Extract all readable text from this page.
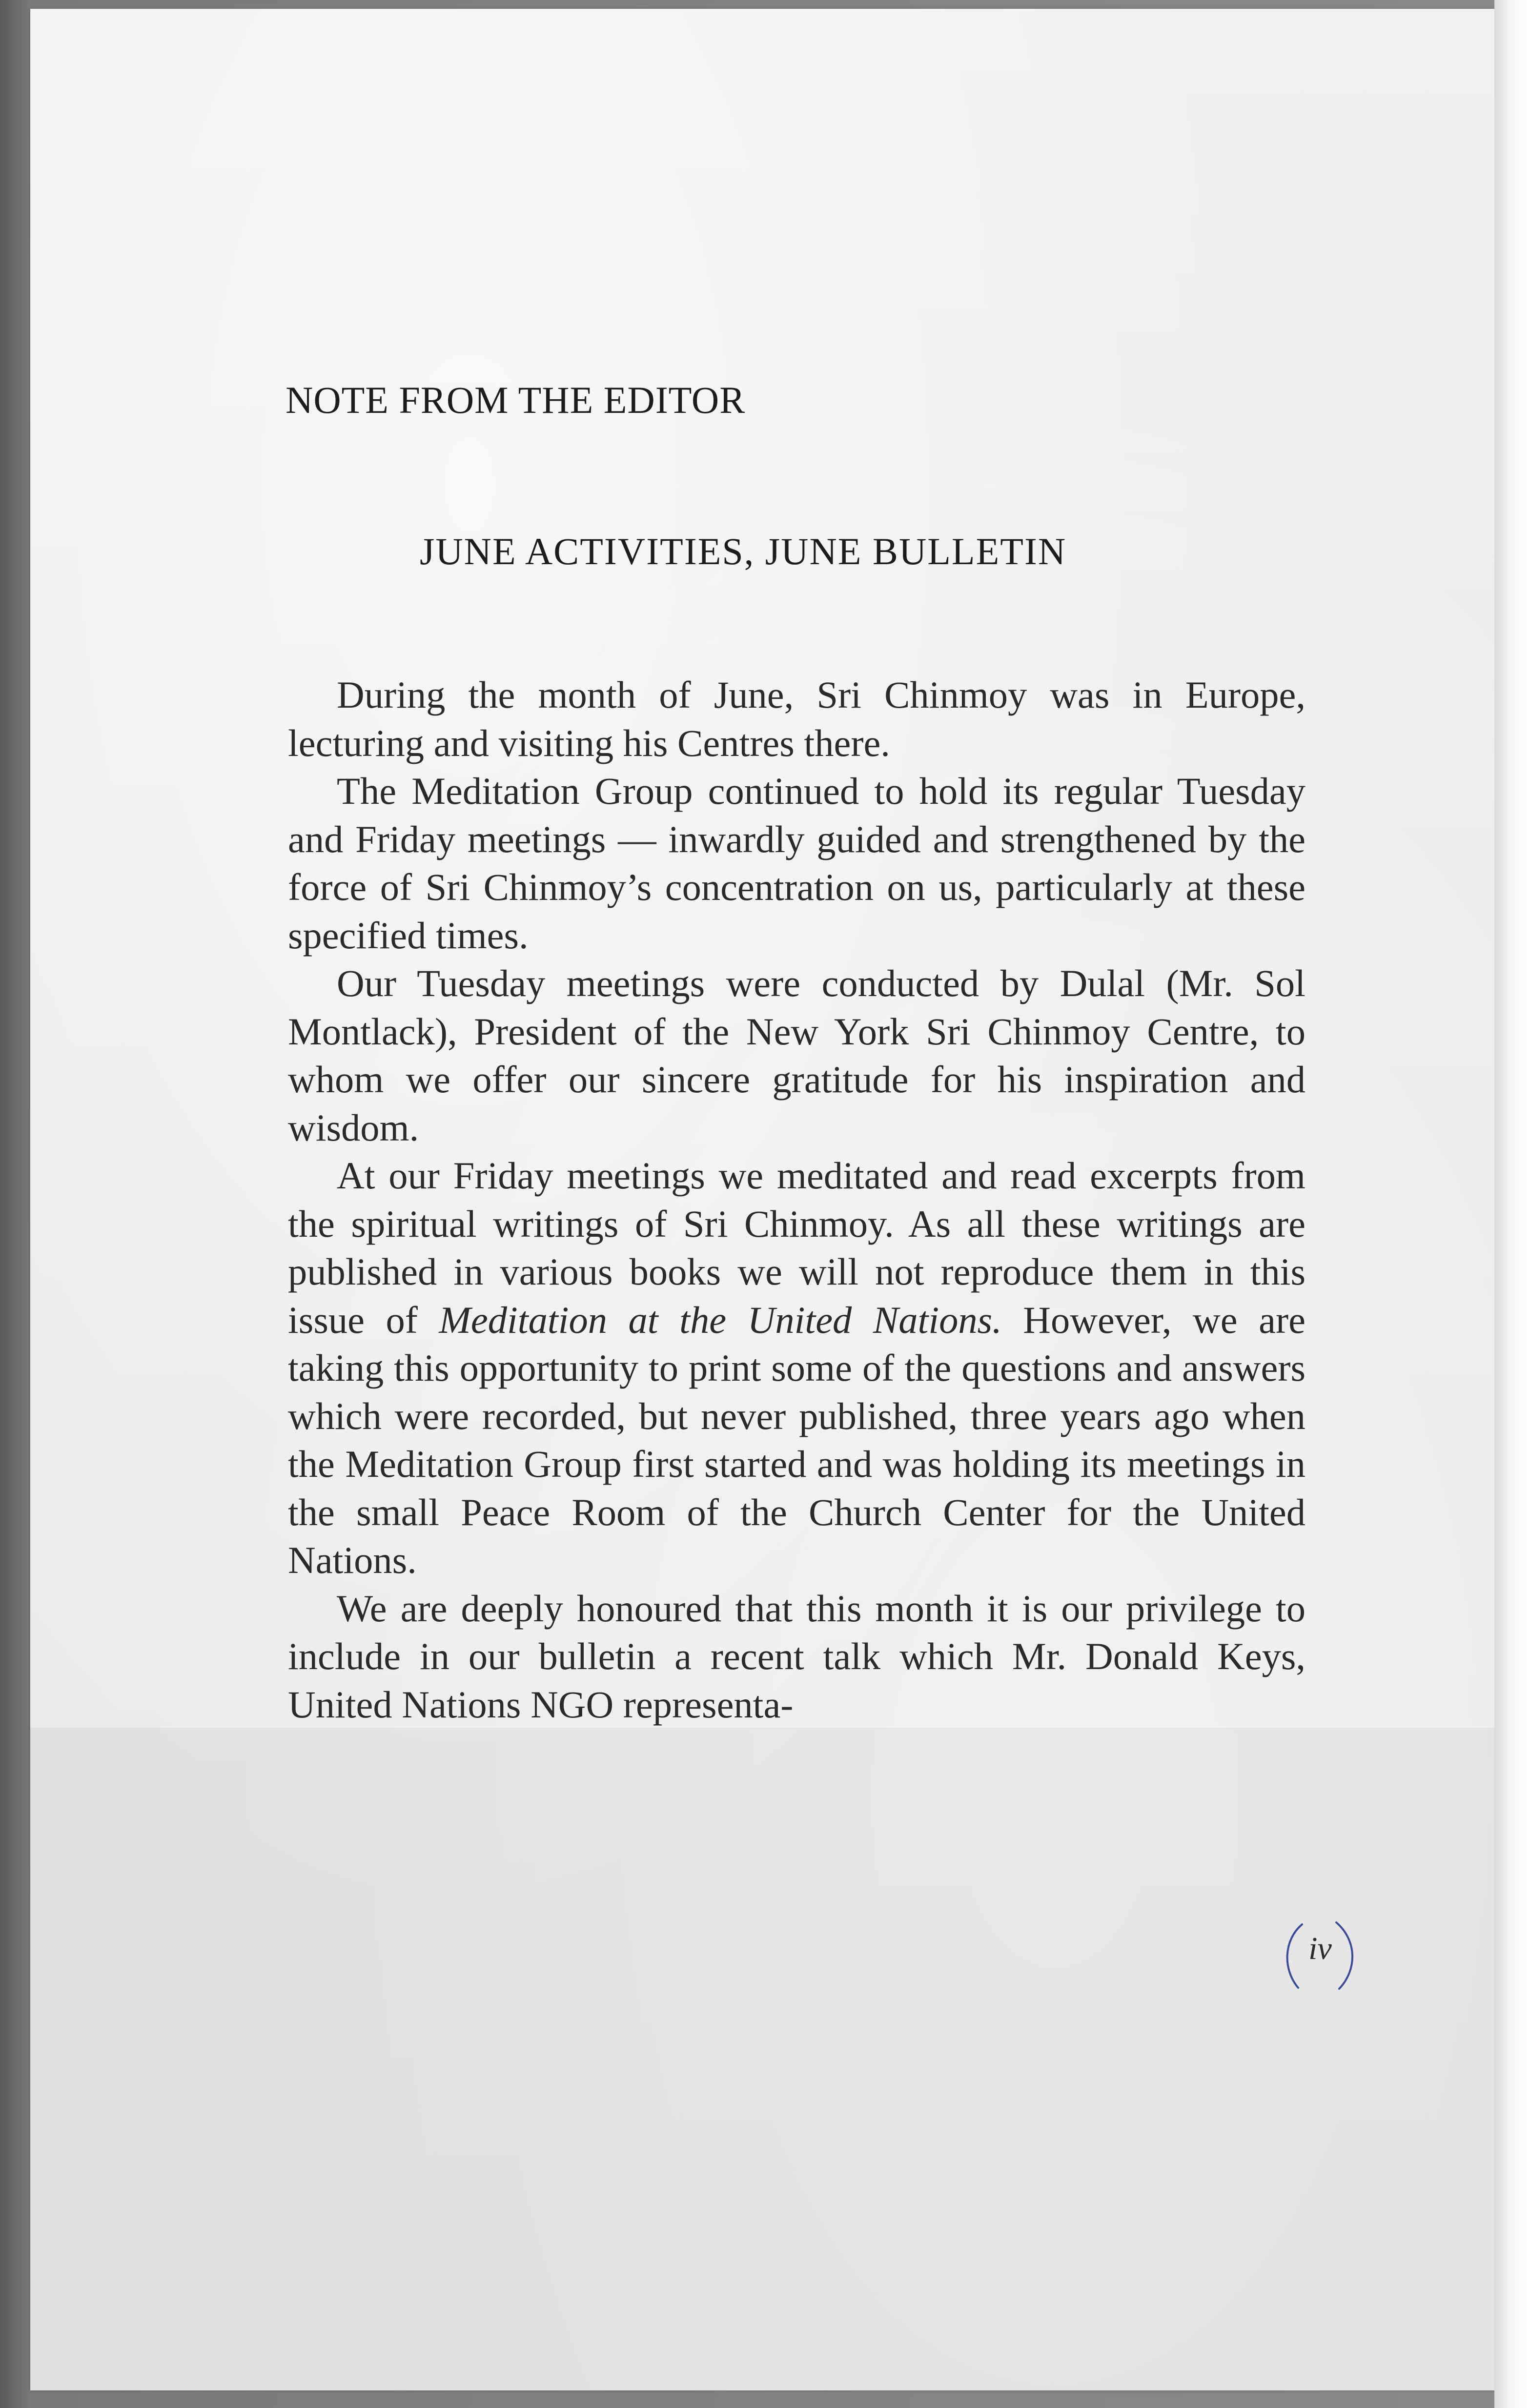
NOTE FROM THE EDITOR
JUNE ACTIVITIES, JUNE BULLETIN

During the month of June, Sri Chinmoy was in Europe, lecturing and visiting his Centres there.

The Meditation Group continued to hold its regular Tuesday and Friday meetings — inwardly guided and strengthened by the force of Sri Chinmoy’s concentration on us, particularly at these specified times.

Our Tuesday meetings were conducted by Dulal (Mr. Sol Montlack), President of the New York Sri Chinmoy Centre, to whom we offer our sincere gratitude for his inspiration and wisdom.

At our Friday meetings we meditated and read excerpts from the spiritual writings of Sri Chinmoy. As all these writings are published in various books we will not reproduce them in this issue of Meditation at the United Nations. However, we are taking this opportunity to print some of the questions and answers which were recorded, but never published, three years ago when the Meditation Group first started and was holding its meetings in the small Peace Room of the Church Center for the United Nations.

We are deeply honoured that this month it is our privilege to include in our bulletin a recent talk which Mr. Donald Keys, United Nations NGO representa-

iv
